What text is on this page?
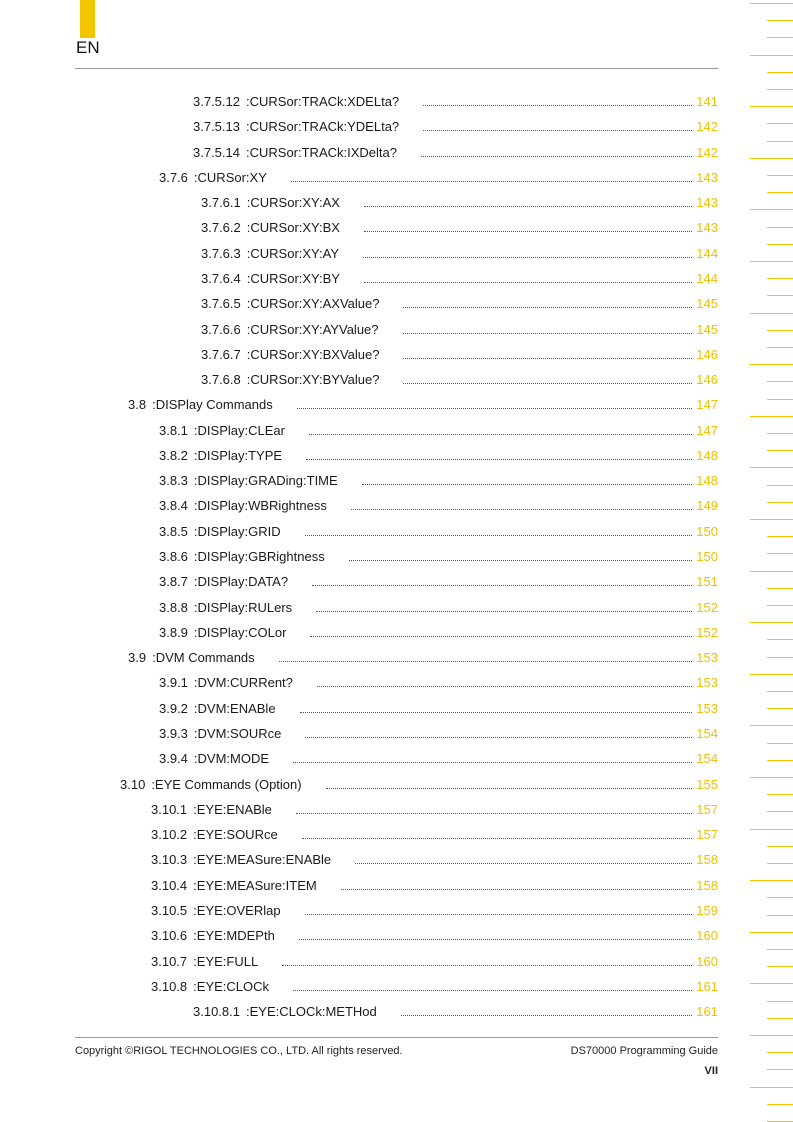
EN
3.7.5.12 :CURSor:TRACk:XDELta?	141
3.7.5.13 :CURSor:TRACk:YDELta?	142
3.7.5.14 :CURSor:TRACk:IXDelta?	142
3.7.6 :CURSor:XY	143
3.7.6.1 :CURSor:XY:AX	143
3.7.6.2 :CURSor:XY:BX	143
3.7.6.3 :CURSor:XY:AY	144
3.7.6.4 :CURSor:XY:BY	144
3.7.6.5 :CURSor:XY:AXValue?	145
3.7.6.6 :CURSor:XY:AYValue?	145
3.7.6.7 :CURSor:XY:BXValue?	146
3.7.6.8 :CURSor:XY:BYValue?	146
3.8 :DISPlay Commands	147
3.8.1 :DISPlay:CLEar	147
3.8.2 :DISPlay:TYPE	148
3.8.3 :DISPlay:GRADing:TIME	148
3.8.4 :DISPlay:WBRightness	149
3.8.5 :DISPlay:GRID	150
3.8.6 :DISPlay:GBRightness	150
3.8.7 :DISPlay:DATA?	151
3.8.8 :DISPlay:RULers	152
3.8.9 :DISPlay:COLor	152
3.9 :DVM Commands	153
3.9.1 :DVM:CURRent?	153
3.9.2 :DVM:ENABle	153
3.9.3 :DVM:SOURce	154
3.9.4 :DVM:MODE	154
3.10 :EYE Commands (Option)	155
3.10.1 :EYE:ENABle	157
3.10.2 :EYE:SOURce	157
3.10.3 :EYE:MEASure:ENABle	158
3.10.4 :EYE:MEASure:ITEM	158
3.10.5 :EYE:OVERlap	159
3.10.6 :EYE:MDEPth	160
3.10.7 :EYE:FULL	160
3.10.8 :EYE:CLOCk	161
3.10.8.1 :EYE:CLOCk:METHod	161
Copyright ©RIGOL TECHNOLOGIES CO., LTD. All rights reserved.	DS70000 Programming Guide
VII
